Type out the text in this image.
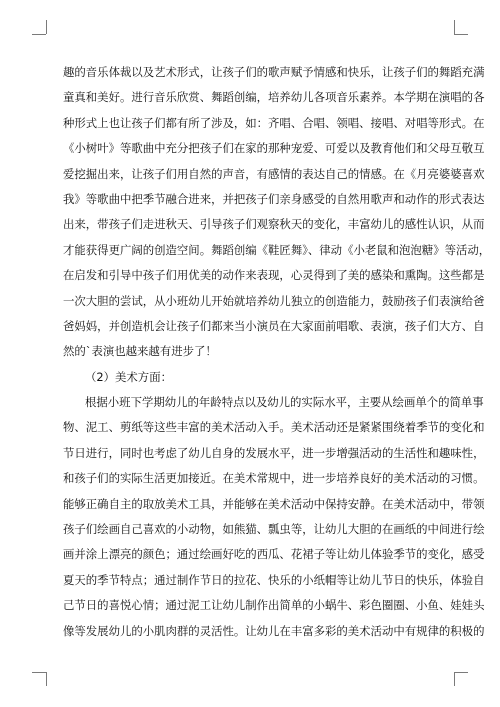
趣的音乐体裁以及艺术形式，让孩子们的歌声赋予情感和快乐，让孩子们的舞蹈充满
童真和美好。进行音乐欣赏、舞蹈创编，培养幼儿各项音乐素养。本学期在演唱的各
种形式上也让孩子们都有所了涉及，如：齐唱、合唱、领唱、接唱、对唱等形式。在
《小树叶》等歌曲中充分把孩子们在家的那种宠爱、可爱以及教育他们和父母互敬互
爱挖掘出来，让孩子们用自然的声音，有感情的表达自己的情感。在《月亮婆婆喜欢
我》等歌曲中把季节融合进来，并把孩子们亲身感受的自然用歌声和动作的形式表达
出来，带孩子们走进秋天、引导孩子们观察秋天的变化，丰富幼儿的感性认识，从而
才能获得更广阔的创造空间。舞蹈创编《鞋匠舞》、律动《小老鼠和泡泡糖》等活动，
在启发和引导中孩子们用优美的动作来表现，心灵得到了美的感染和熏陶。这些都是
一次大胆的尝试，从小班幼儿开始就培养幼儿独立的创造能力，鼓励孩子们表演给爸
爸妈妈，并创造机会让孩子们都来当小演员在大家面前唱歌、表演，孩子们大方、自
然的`表演也越来越有进步了！
（2）美术方面：
根据小班下学期幼儿的年龄特点以及幼儿的实际水平，主要从绘画单个的简单事
物、泥工、剪纸等这些丰富的美术活动入手。美术活动还是紧紧围绕着季节的变化和
节日进行，同时也考虑了幼儿自身的发展水平，进一步增强活动的生活性和趣味性，
和孩子们的实际生活更加接近。在美术常规中，进一步培养良好的美术活动的习惯。
能够正确自主的取放美术工具，并能够在美术活动中保持安静。在美术活动中，带领
孩子们绘画自己喜欢的小动物，如熊猫、瓢虫等，让幼儿大胆的在画纸的中间进行绘
画并涂上漂亮的颜色；通过绘画好吃的西瓜、花裙子等让幼儿体验季节的变化，感受
夏天的季节特点；通过制作节日的拉花、快乐的小纸帽等让幼儿节日的快乐，体验自
己节日的喜悦心情；通过泥工让幼儿制作出简单的小蜗牛、彩色圈圈、小鱼、娃娃头
像等发展幼儿的小肌肉群的灵活性。让幼儿在丰富多彩的美术活动中有规律的积极的
